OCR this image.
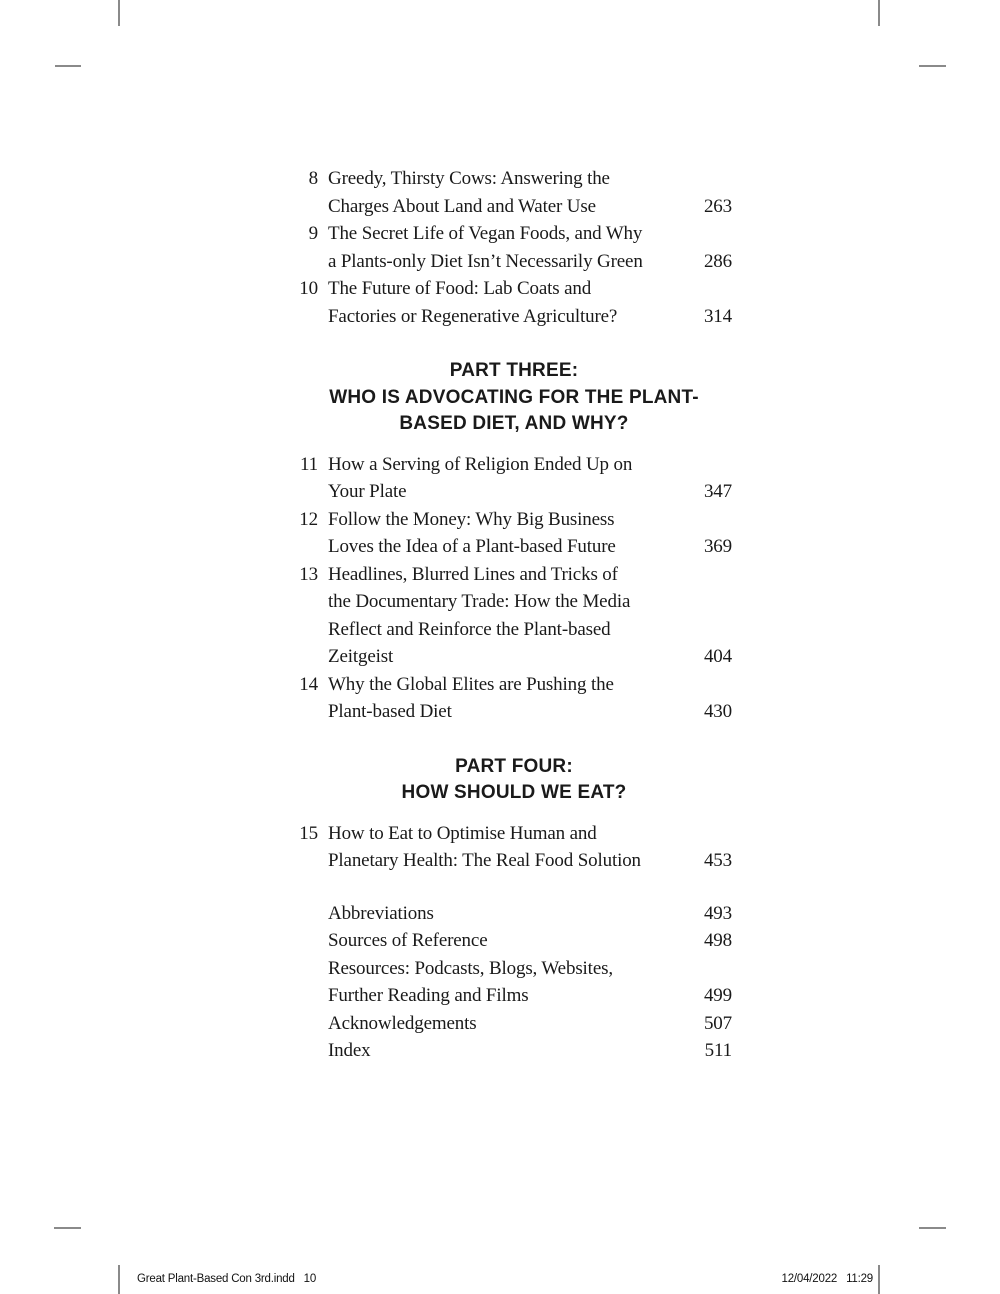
8 Greedy, Thirsty Cows: Answering the
Charges About Land and Water Use	263
9 The Secret Life of Vegan Foods, and Why
a Plants-only Diet Isn’t Necessarily Green	286
10 The Future of Food: Lab Coats and
Factories or Regenerative Agriculture?	314
PART THREE:
WHO IS ADVOCATING FOR THE PLANT-
BASED DIET, AND WHY?
11 How a Serving of Religion Ended Up on
Your Plate	347
12 Follow the Money: Why Big Business
Loves the Idea of a Plant-based Future	369
13 Headlines, Blurred Lines and Tricks of
the Documentary Trade: How the Media
Reflect and Reinforce the Plant-based
Zeitgeist	404
14 Why the Global Elites are Pushing the
Plant-based Diet	430
PART FOUR:
HOW SHOULD WE EAT?
15 How to Eat to Optimise Human and
Planetary Health: The Real Food Solution	453
Abbreviations	493
Sources of Reference	498
Resources: Podcasts, Blogs, Websites,
Further Reading and Films	499
Acknowledgements	507
Index	511
Great Plant-Based Con 3rd.indd   10	12/04/2022   11:29
